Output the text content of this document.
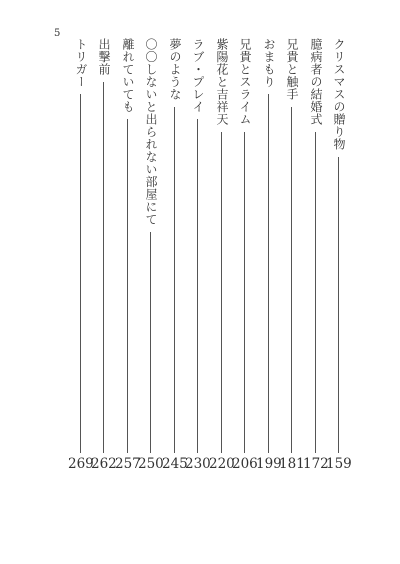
5
クリスマスの贈り物
159
臆病者の結婚式
172
兄貴と触手
181
おまもり
199
兄貴とスライム
206
紫陽花と吉祥天
220
ラブ・プレイ
230
夢のような
245
〇〇しないと出られない部屋にて
250
離れていても
257
出撃前
262
トリガー
269
